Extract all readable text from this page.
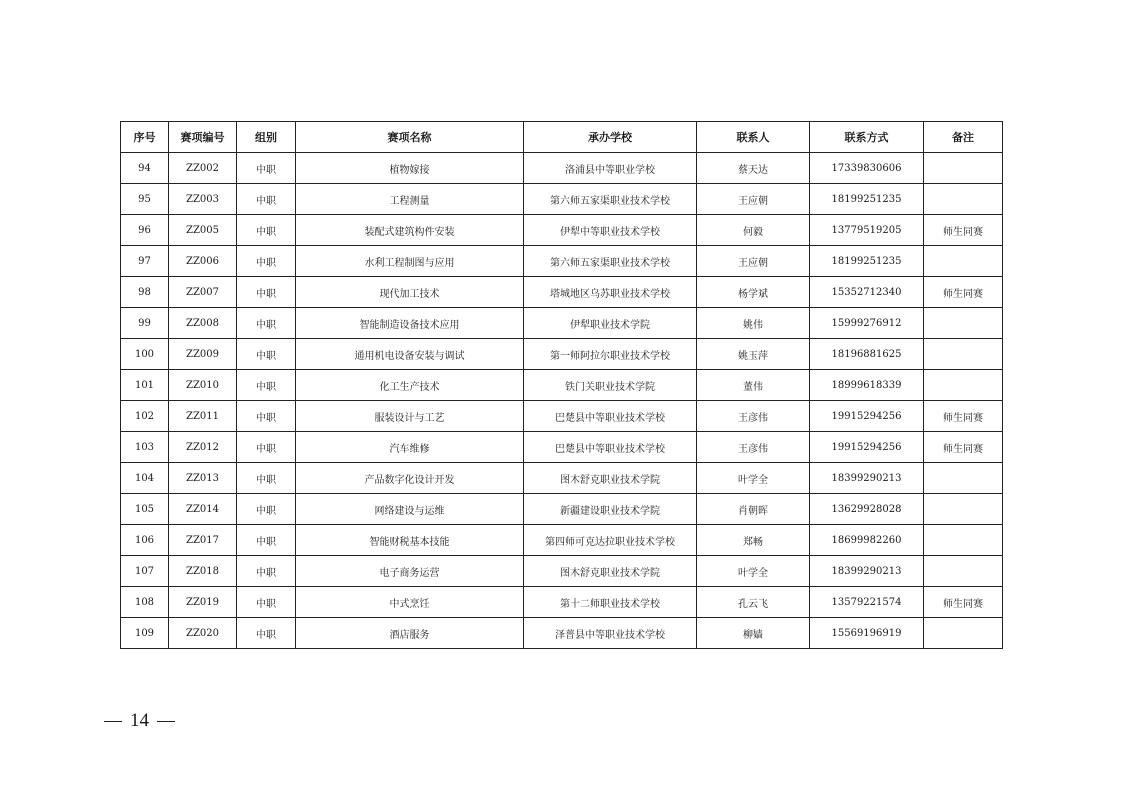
序号	赛项编号	组别	赛项名称	承办学校	联系人	联系方式	备注
94	ZZ002	中职	植物嫁接	洛浦县中等职业学校	蔡天达	17339830606	
95	ZZ003	中职	工程测量	第六师五家渠职业技术学校	王应朝	18199251235	
96	ZZ005	中职	装配式建筑构件安装	伊犁中等职业技术学校	何毅	13779519205	师生同赛
97	ZZ006	中职	水利工程制图与应用	第六师五家渠职业技术学校	王应朝	18199251235	
98	ZZ007	中职	现代加工技术	塔城地区乌苏职业技术学校	杨学斌	15352712340	师生同赛
99	ZZ008	中职	智能制造设备技术应用	伊犁职业技术学院	姚伟	15999276912	
100	ZZ009	中职	通用机电设备安装与调试	第一师阿拉尔职业技术学校	姚玉萍	18196881625	
101	ZZ010	中职	化工生产技术	铁门关职业技术学院	董伟	18999618339	
102	ZZ011	中职	服装设计与工艺	巴楚县中等职业技术学校	王彦伟	19915294256	师生同赛
103	ZZ012	中职	汽车维修	巴楚县中等职业技术学校	王彦伟	19915294256	师生同赛
104	ZZ013	中职	产品数字化设计开发	图木舒克职业技术学院	叶学全	18399290213	
105	ZZ014	中职	网络建设与运维	新疆建设职业技术学院	肖朝晖	13629928028	
106	ZZ017	中职	智能财税基本技能	第四师可克达拉职业技术学校	郑畅	18699982260	
107	ZZ018	中职	电子商务运营	图木舒克职业技术学院	叶学全	18399290213	
108	ZZ019	中职	中式烹饪	第十二师职业技术学校	孔云飞	13579221574	师生同赛
109	ZZ020	中职	酒店服务	泽普县中等职业技术学校	柳嫱	15569196919	
14
